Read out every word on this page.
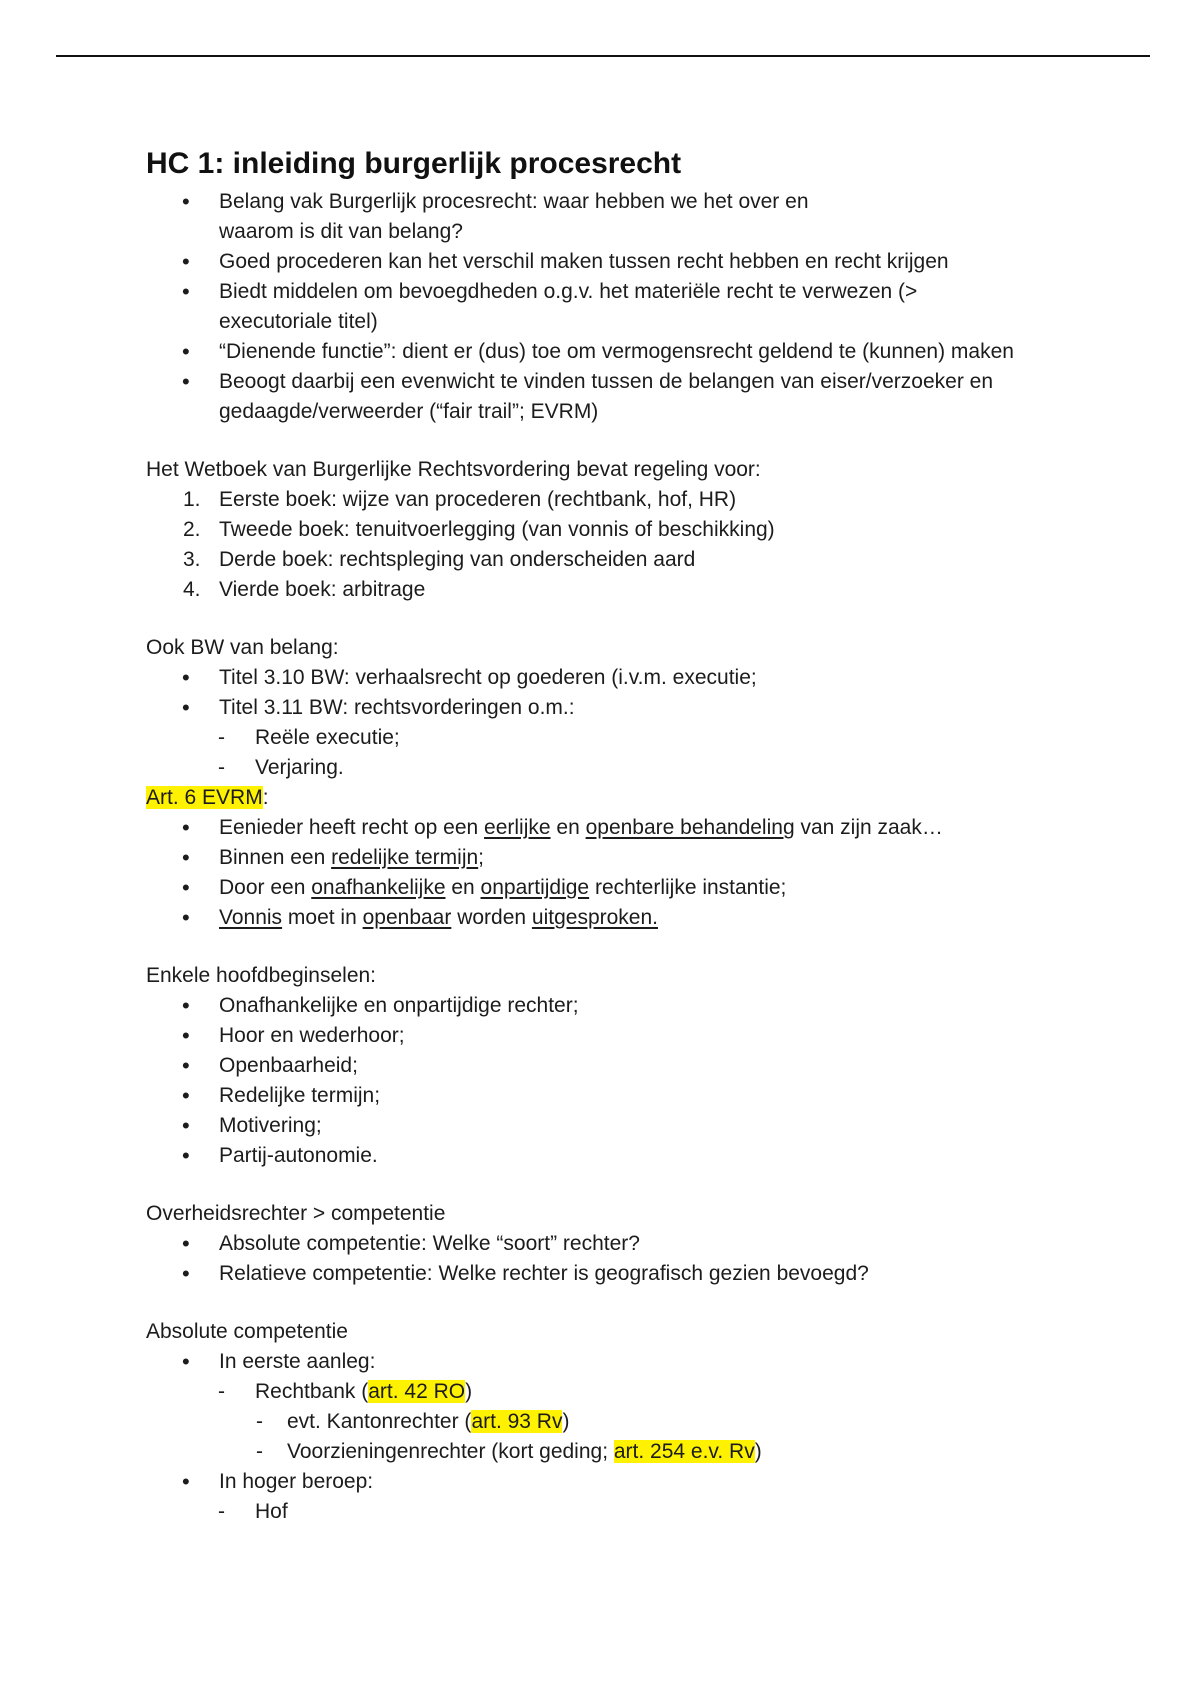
HC 1: inleiding burgerlijk procesrecht
• Belang vak Burgerlijk procesrecht: waar hebben we het over en waarom is dit van belang?
• Goed procederen kan het verschil maken tussen recht hebben en recht krijgen
• Biedt middelen om bevoegdheden o.g.v. het materiële recht te verwezen (> executoriale titel)
• “Dienende functie”: dient er (dus) toe om vermogensrecht geldend te (kunnen) maken
• Beoogt daarbij een evenwicht te vinden tussen de belangen van eiser/verzoeker en gedaagde/verweerder (“fair trail”; EVRM)
Het Wetboek van Burgerlijke Rechtsvordering bevat regeling voor:
1. Eerste boek: wijze van procederen (rechtbank, hof, HR)
2. Tweede boek: tenuitvoerlegging (van vonnis of beschikking)
3. Derde boek: rechtspleging van onderscheiden aard
4. Vierde boek: arbitrage
Ook BW van belang:
• Titel 3.10 BW: verhaalsrecht op goederen (i.v.m. executie;
• Titel 3.11 BW: rechtsvorderingen o.m.:
- Reële executie;
- Verjaring.
Art. 6 EVRM:
• Eenieder heeft recht op een eerlijke en openbare behandeling van zijn zaak…
• Binnen een redelijke termijn;
• Door een onafhankelijke en onpartijdige rechterlijke instantie;
• Vonnis moet in openbaar worden uitgesproken.
Enkele hoofdbeginselen:
• Onafhankelijke en onpartijdige rechter;
• Hoor en wederhoor;
• Openbaarheid;
• Redelijke termijn;
• Motivering;
• Partij-autonomie.
Overheidsrechter > competentie
• Absolute competentie: Welke “soort” rechter?
• Relatieve competentie: Welke rechter is geografisch gezien bevoegd?
Absolute competentie
• In eerste aanleg:
- Rechtbank (art. 42 RO)
- evt. Kantonrechter (art. 93 Rv)
- Voorzieningenrechter (kort geding; art. 254 e.v. Rv)
• In hoger beroep:
- Hof
